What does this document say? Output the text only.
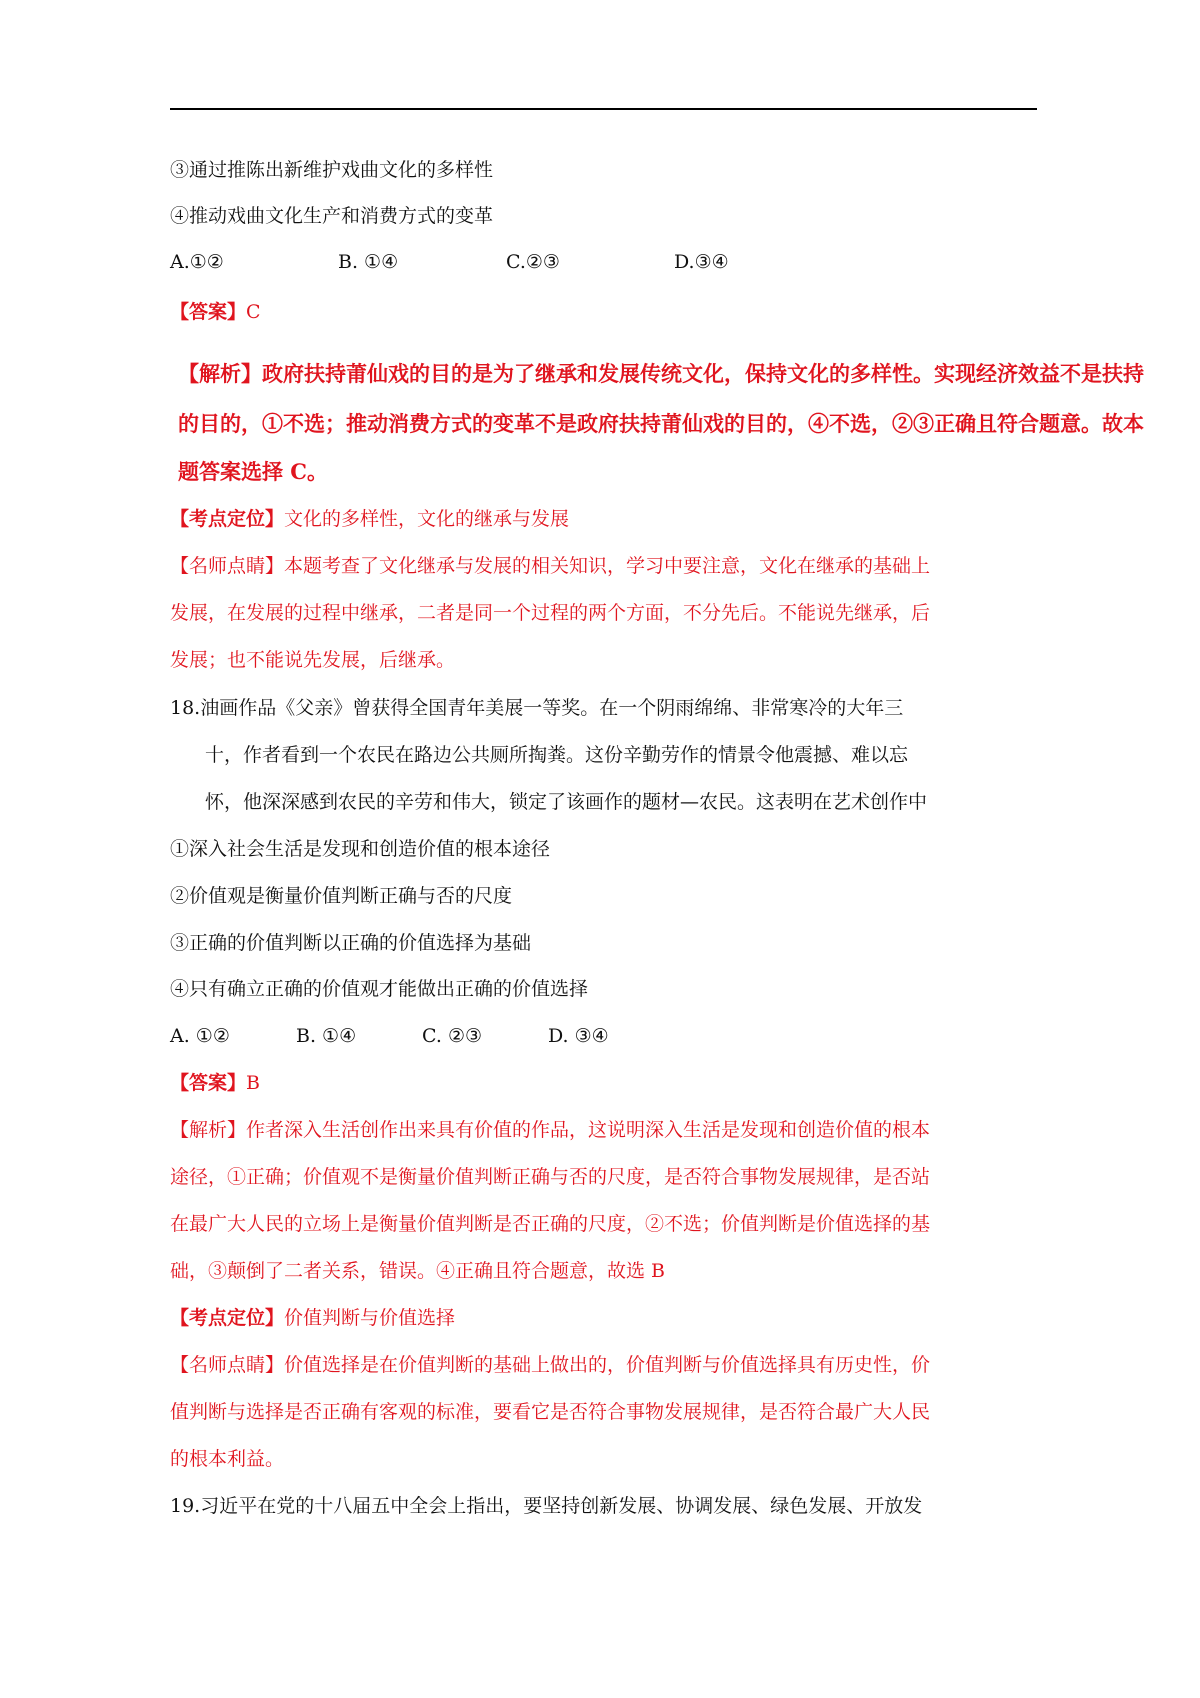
③通过推陈出新维护戏曲文化的多样性
④推动戏曲文化生产和消费方式的变革
A.①②	B. ①④	C.②③	D.③④
【答案】C
【解析】政府扶持莆仙戏的目的是为了继承和发展传统文化，保持文化的多样性。实现经济效益不是扶持
的目的，①不选；推动消费方式的变革不是政府扶持莆仙戏的目的，④不选，②③正确且符合题意。故本
题答案选择 C。
【考点定位】文化的多样性，文化的继承与发展
【名师点睛】本题考查了文化继承与发展的相关知识，学习中要注意，文化在继承的基础上
发展，在发展的过程中继承，二者是同一个过程的两个方面，不分先后。不能说先继承，后
发展；也不能说先发展，后继承。
18.油画作品《父亲》曾获得全国青年美展一等奖。在一个阴雨绵绵、非常寒冷的大年三
十，作者看到一个农民在路边公共厕所掏粪。这份辛勤劳作的情景令他震撼、难以忘
怀，他深深感到农民的辛劳和伟大，锁定了该画作的题材—农民。这表明在艺术创作中
①深入社会生活是发现和创造价值的根本途径
②价值观是衡量价值判断正确与否的尺度
③正确的价值判断以正确的价值选择为基础
④只有确立正确的价值观才能做出正确的价值选择
A. ①②	B. ①④	C. ②③	D. ③④
【答案】B
【解析】作者深入生活创作出来具有价值的作品，这说明深入生活是发现和创造价值的根本
途径，①正确；价值观不是衡量价值判断正确与否的尺度，是否符合事物发展规律，是否站
在最广大人民的立场上是衡量价值判断是否正确的尺度，②不选；价值判断是价值选择的基
础，③颠倒了二者关系，错误。④正确且符合题意，故选 B
【考点定位】价值判断与价值选择
【名师点睛】价值选择是在价值判断的基础上做出的，价值判断与价值选择具有历史性，价
值判断与选择是否正确有客观的标准，要看它是否符合事物发展规律，是否符合最广大人民
的根本利益。
19.习近平在党的十八届五中全会上指出，要坚持创新发展、协调发展、绿色发展、开放发
